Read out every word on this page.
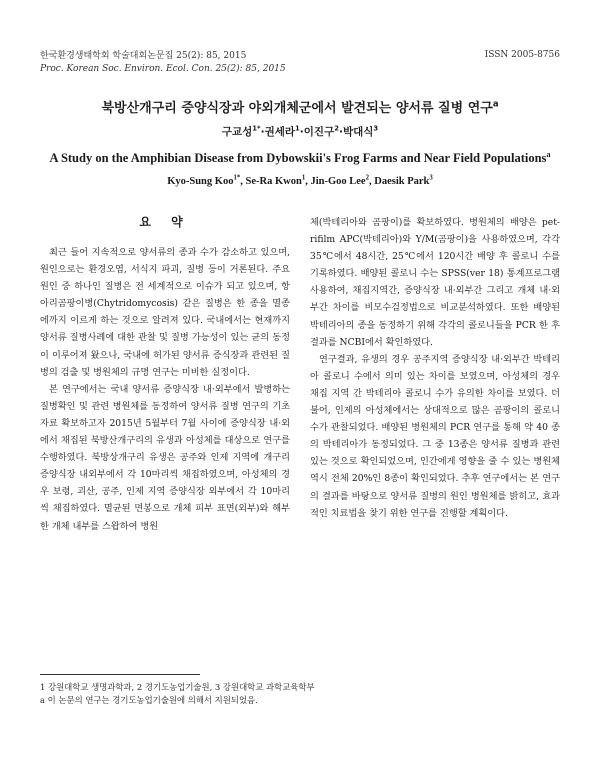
한국환경생태학회 학술대회논문집 25(2): 85, 2015
Proc. Korean Soc. Environ. Ecol. Con. 25(2): 85, 2015
ISSN 2005-8756
북방산개구리 증양식장과 야외개체군에서 발견되는 양서류 질병 연구$^a$
구교성$^{1*}$·권세라$^1$·이진구$^2$·박대식$^3$
A Study on the Amphibian Disease from Dybowskii's Frog Farms and Near Field Populations$^a$
Kyo-Sung Koo$^{1*}$, Se-Ra Kwon$^1$, Jin-Goo Lee$^2$, Daesik Park$^3$
요 약

최근 들어 지속적으로 양서류의 종과 수가 감소하고 있으며, 원인으로는 환경오염, 서식지 파괴, 질병 등이 거론된다. 주요원인 중 하나인 질병은 전 세계적으로 이슈가 되고 있으며, 항아리곰팡이병(Chytridomycosis) 같은 질병은 한 종을 멸종에까지 이르게 하는 것으로 알려져 있다. 국내에서는 현재까지 양서류 질병사례에 대한 관찰 및 질병 가능성이 있는 균의 동정이 이루어져 왔으나, 국내에 허가된 양서류 증식장과 관련된 질병의 검출 및 병원체의 규명 연구는 미비한 실정이다.

본 연구에서는 국내 양서류 증양식장 내·외부에서 발병하는 질병확인 및 관련 병원체를 동정하여 양서류 질병 연구의 기초자료 확보하고자 2015년 5월부터 7월 사이에 증양식장 내·외에서 채집된 북방산개구리의 유생과 아성체를 대상으로 연구를 수행하였다. 북방상개구리 유생은 공주와 인제 지역에 개구리 증양식장 내외부에서 각 10마리씩 채집하였으며, 아성체의 경우 보령, 괴산, 공주, 인제 지역 증양식장 외부에서 각 10마리씩 채집하였다. 멸균된 면봉으로 개체 피부 표면(외부)와 해부한 개체 내부를 스왑하여 병원

체(박테리아와 곰팡이)를 확보하였다. 병원체의 배양은 pet-rifilm APC(박테리아)와 Y/M(곰팡이)을 사용하였으며, 각각 35℃에서 48시간, 25℃에서 120시간 배양 후 콜로니 수를 기록하였다. 배양된 콜로니 수는 SPSS(ver 18) 통계프로그램 사용하여, 채집지역간, 증양식장 내·외부간 그리고 개체 내·외부간 차이를 비모수검정법으로 비교분석하였다. 또한 배양된 박테리아의 종을 동정하기 위해 각각의 콜로니들을 PCR 한 후 결과를 NCBI에서 확인하였다.

연구결과, 유생의 경우 공주지역 증양식장 내·외부간 박테리아 콜로니 수에서 의미 있는 차이를 보였으며, 아성체의 경우 채집 지역 간 박테리아 콜로니 수가 유의한 차이를 보였다. 더불어, 인제의 아성체에서는 상대적으로 많은 곰팡이의 콜로니 수가 관찰되었다. 배양된 병원체의 PCR 연구를 통해 약 40 종의 박테리아가 동정되었다. 그 중 13종은 양서류 질병과 관련 있는 것으로 확인되었으며, 인간에게 영향을 줄 수 있는 병원체 역시 전체 20%인 8종이 확인되었다. 추후 연구에서는 본 연구의 결과를 바탕으로 양서류 질병의 원인 병원체를 밝히고, 효과적인 치료법을 찾기 위한 연구를 진행할 계획이다.

1 강원대학교 생명과학과, 2 경기도농업기술원, 3 강원대학교 과학교육학부
a 이 논문의 연구는 경기도농업기술원에 의해서 지원되었음.
